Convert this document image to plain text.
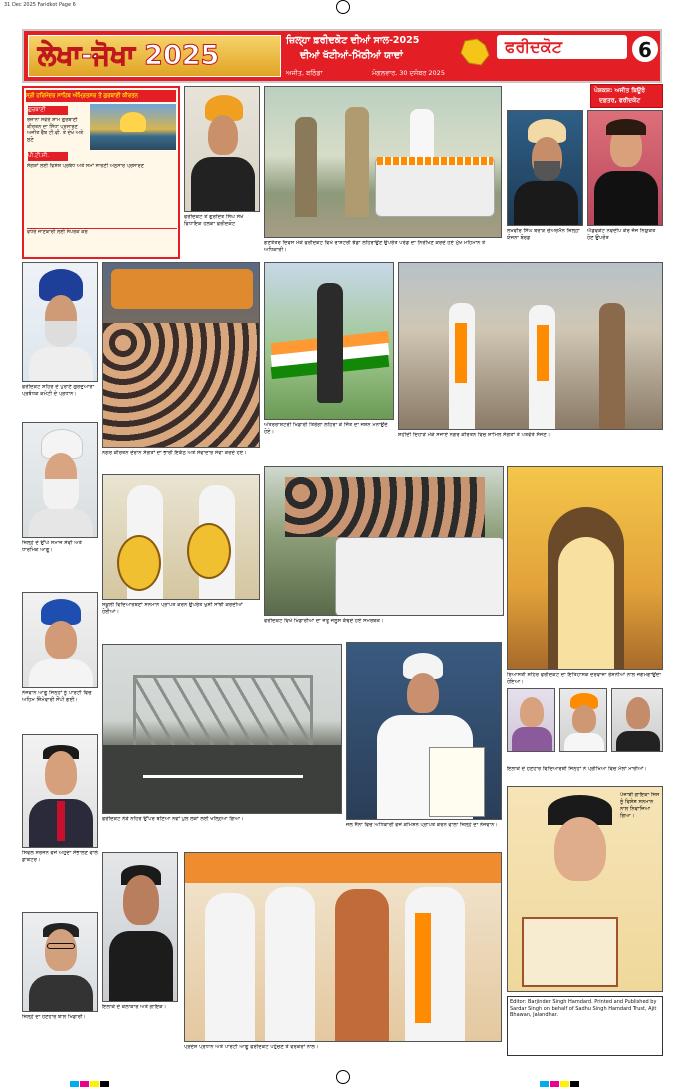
31 Dec 2025 Faridkot Page 6
ਲੇਖਾ-ਜੋਖਾ 2025	ਜ਼ਿਲ੍ਹਾ ਫ਼ਰੀਦਕੋਟ ਦੀਆਂ ਸਾਲ-2025
ਦੀਆਂ ਖੱਟੀਆਂ-ਮਿੱਠੀਆਂ ਯਾਦਾਂ
ਅਜੀਤ, ਬਠਿੰਡਾ	ਮੰਗਲਵਾਰ, 30 ਦਸੰਬਰ 2025
ਫਰੀਦਕੋਟ	6
ਪੇਸ਼ਕਸ਼: ਅਜੀਤ ਬਿਊਰੋ
ਦਫ਼ਤਰ, ਫਰੀਦਕੋਟ
ਸ੍ਰੀ ਹਰਿਮੰਦਰ ਸਾਹਿਬ ਅੰਮ੍ਰਿਤਸਰ ਤੋਂ ਗੁਰਬਾਣੀ ਕੀਰਤਨ
ਗੁਰਬਾਣੀ
ਰੋਜ਼ਾਨਾ ਸਵੇਰੇ ਸ਼ਾਮ ਗੁਰਬਾਣੀ ਕੀਰਤਨ ਦਾ ਸਿੱਧਾ ਪ੍ਰਸਾਰਣ ਅਜੀਤ ਵੈੱਬ ਟੀ.ਵੀ. ਤੇ ਦੇਖੋ ਅਤੇ ਸੁਣੋ
ਪੀ.ਟੀ.ਸੀ.
ਸੰਗਤਾਂ ਲਈ ਵਿਸ਼ੇਸ਼ ਪ੍ਰਬੰਧ ਅਤੇ ਸਮਾਂ ਸਾਰਣੀ ਅਨੁਸਾਰ ਪ੍ਰਸਾਰਣ
ਵਧੇਰੇ ਜਾਣਕਾਰੀ ਲਈ ਸੰਪਰਕ ਕਰੋ
ਫਰੀਦਕੋਟ ਤੋਂ ਗੁਰਦਿਤ ਸਿੰਘ ਸੇਖੋਂ ਵਿਧਾਇਕ ਹਲਕਾ ਫਰੀਦਕੋਟ
ਗਣਤੰਤਰ ਦਿਵਸ ਮੌਕੇ ਫਰੀਦਕੋਟ ਵਿਖੇ ਰਾਸ਼ਟਰੀ ਝੰਡਾ ਲਹਿਰਾਉਣ ਉਪਰੰਤ ਪਰੇਡ ਦਾ ਨਿਰੀਖਣ ਕਰਦੇ ਹੋਏ ਮੁੱਖ ਮਹਿਮਾਨ ਤੇ ਅਧਿਕਾਰੀ।
ਲਖਵੀਰ ਸਿੰਘ ਬਰਾੜ ਚੇਅਰਮੈਨ ਜ਼ਿਲ੍ਹਾ ਯੋਜਨਾ ਬੋਰਡ
ਐਡਵੋਕੇਟ ਨਵਦੀਪ ਕੌਰ ਜੱਜ ਨਿਯੁਕਤ ਹੋਣ ਉਪਰੰਤ
ਫਰੀਦਕੋਟ ਸ਼ਹਿਰ ਦੇ ਪੁਰਾਣੇ ਗੁਰਦੁਆਰਾ ਪ੍ਰਬੰਧਕ ਕਮੇਟੀ ਦੇ ਪ੍ਰਧਾਨ।
ਨਗਰ ਕੀਰਤਨ ਦੌਰਾਨ ਸੰਗਤਾਂ ਦਾ ਭਾਰੀ ਇਕੱਠ ਅਤੇ ਸੇਵਾਦਾਰ ਸੇਵਾ ਕਰਦੇ ਹੋਏ।
ਅੰਤਰਰਾਸ਼ਟਰੀ ਖਿਡਾਰੀ ਤਿਰੰਗਾ ਲਹਿਰਾ ਕੇ ਜਿੱਤ ਦਾ ਜਸ਼ਨ ਮਨਾਉਂਦੇ ਹੋਏ।	ਸ਼ਹੀਦੀ ਦਿਹਾੜੇ ਮੌਕੇ ਸਜਾਏ ਨਗਰ ਕੀਰਤਨ ਵਿਚ ਸ਼ਾਮਿਲ ਸੰਗਤਾਂ ਤੇ ਪਤਵੰਤੇ ਸੱਜਣ।
ਜ਼ਿਲ੍ਹੇ ਦੇ ਉੱਘੇ ਸਮਾਜ ਸੇਵੀ ਅਤੇ ਧਾਰਮਿਕ ਆਗੂ।
ਸਕੂਲੀ ਵਿਦਿਆਰਥਣਾਂ ਸਨਮਾਨ ਪ੍ਰਾਪਤ ਕਰਨ ਉਪਰੰਤ ਖੁਸ਼ੀ ਸਾਂਝੀ ਕਰਦੀਆਂ ਹੋਈਆਂ।
ਫਰੀਦਕੋਟ ਵਿਖੇ ਖਿਡਾਰੀਆਂ ਦਾ ਜੇਤੂ ਜਲੂਸ ਕੱਢਦੇ ਹੋਏ ਸਮਰਥਕ।
ਰਿਆਸਤੀ ਸ਼ਹਿਰ ਫਰੀਦਕੋਟ ਦਾ ਇਤਿਹਾਸਕ ਦਰਵਾਜ਼ਾ ਰੌਸ਼ਨੀਆਂ ਨਾਲ ਜਗਮਗਾਉਂਦਾ ਹੋਇਆ।
ਨੌਜਵਾਨ ਆਗੂ ਜਿਨ੍ਹਾਂ ਨੂੰ ਪਾਰਟੀ ਵਿਚ ਅਹਿਮ ਜ਼ਿੰਮੇਵਾਰੀ ਸੌਂਪੀ ਗਈ।
ਫਰੀਦਕੋਟ ਨੇੜੇ ਨਹਿਰ ਉੱਪਰ ਬਣਿਆ ਨਵਾਂ ਪੁਲ ਲੋਕਾਂ ਲਈ ਖੋਲ੍ਹਿਆ ਗਿਆ।
ਜਲ ਸੈਨਾ ਵਿਚ ਅਧਿਕਾਰੀ ਵਜੋਂ ਕਮਿਸ਼ਨ ਪ੍ਰਾਪਤ ਕਰਨ ਵਾਲਾ ਜ਼ਿਲ੍ਹੇ ਦਾ ਨੌਜਵਾਨ।
ਇਲਾਕੇ ਦੇ ਹੋਣਹਾਰ ਵਿਦਿਆਰਥੀ ਜਿਨ੍ਹਾਂ ਨੇ ਪ੍ਰੀਖਿਆ ਵਿਚ ਮੱਲਾਂ ਮਾਰੀਆਂ।
ਸਿਵਲ ਸਰਜਨ ਵਜੋਂ ਅਹੁਦਾ ਸੰਭਾਲਣ ਵਾਲੇ ਡਾਕਟਰ।
ਜ਼ਿਲ੍ਹੇ ਦਾ ਹੋਣਹਾਰ ਬਾਲ ਖਿਡਾਰੀ।
ਇਲਾਕੇ ਦੇ ਕਲਾਕਾਰ ਅਤੇ ਗਾਇਕ।
ਪ੍ਰਦੇਸ਼ ਪ੍ਰਧਾਨ ਅਤੇ ਪਾਰਟੀ ਆਗੂ ਫਰੀਦਕੋਟ ਪਹੁੰਚਣ ਤੇ ਵਰਕਰਾਂ ਨਾਲ।
ਪੰਜਾਬੀ ਗਾਇਕਾ ਜਿਸ ਨੂੰ ਵਿਸ਼ੇਸ਼ ਸਨਮਾਨ ਨਾਲ ਨਿਵਾਜਿਆ ਗਿਆ।
Editor: Barjinder Singh Hamdard. Printed and Published by Sardar Singh on behalf of Sadhu Singh Hamdard Trust, Ajit Bhawan, Jalandhar.
